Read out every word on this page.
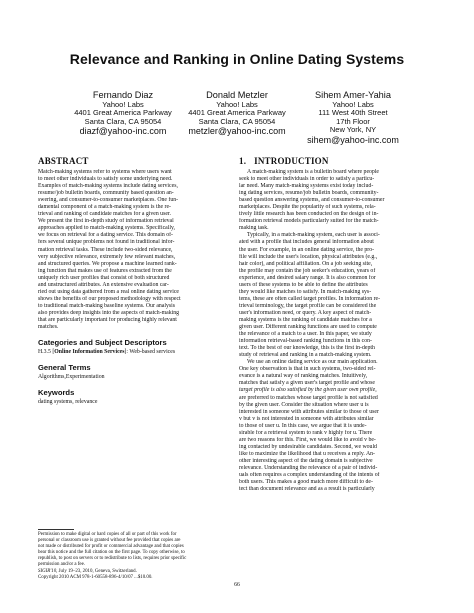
Relevance and Ranking in Online Dating Systems
Fernando Diaz
Yahoo! Labs
4401 Great America Parkway
Santa Clara, CA 95054
diazf@yahoo-inc.com
Donald Metzler
Yahoo! Labs
4401 Great America Parkway
Santa Clara, CA 95054
metzler@yahoo-inc.com
Sihem Amer-Yahia
Yahoo! Labs
111 West 40th Street
17th Floor
New York, NY
sihem@yahoo-inc.com
ABSTRACT
Match-making systems refer to systems where users want
to meet other individuals to satisfy some underlying need.
Examples of match-making systems include dating services,
resume/job bulletin boards, community based question an-
swering, and consumer-to-consumer marketplaces. One fun-
damental component of a match-making system is the re-
trieval and ranking of candidate matches for a given user.
We present the first in-depth study of information retrieval
approaches applied to match-making systems. Specifically,
we focus on retrieval for a dating service. This domain of-
fers several unique problems not found in traditional infor-
mation retrieval tasks. These include two-sided relevance,
very subjective relevance, extremely few relevant matches,
and structured queries. We propose a machine learned rank-
ing function that makes use of features extracted from the
uniquely rich user profiles that consist of both structured
and unstructured attributes. An extensive evaluation car-
ried out using data gathered from a real online dating service
shows the benefits of our proposed methodology with respect
to traditional match-making baseline systems. Our analysis
also provides deep insights into the aspects of match-making
that are particularly important for producing highly relevant
matches.
Categories and Subject Descriptors
H.3.5 [Online Information Services]: Web-based services
General Terms
Algorithms,Experimentation
Keywords
dating systems, relevance
Permission to make digital or hard copies of all or part of this work for
personal or classroom use is granted without fee provided that copies are
not made or distributed for profit or commercial advantage and that copies
bear this notice and the full citation on the first page. To copy otherwise, to
republish, to post on servers or to redistribute to lists, requires prior specific
permission and/or a fee.
SIGIR'10, July 19–23, 2010, Geneva, Switzerland.
Copyright 2010 ACM 978-1-60558-896-4/10/07 ...$10.00.
1. INTRODUCTION
A match-making system is a bulletin board where people
seek to meet other individuals in order to satisfy a particu-
lar need. Many match-making systems exist today includ-
ing dating services, resume/job bulletin boards, community-
based question answering systems, and consumer-to-consumer
marketplaces. Despite the popularity of such systems, rela-
tively little research has been conducted on the design of in-
formation retrieval models particularly suited for the match-
making task.
Typically, in a match-making system, each user is associ-
ated with a profile that includes general information about
the user. For example, in an online dating service, the pro-
file will include the user's location, physical attributes (e.g.,
hair color), and political affiliation. On a job seeking site,
the profile may contain the job seeker's education, years of
experience, and desired salary range. It is also common for
users of these systems to be able to define the attributes
they would like matches to satisfy. In match-making sys-
tems, these are often called target profiles. In information re-
trieval terminology, the target profile can be considered the
user's information need, or query. A key aspect of match-
making systems is the ranking of candidate matches for a
given user. Different ranking functions are used to compute
the relevance of a match to a user. In this paper, we study
information retrieval-based ranking functions in this con-
text. To the best of our knowledge, this is the first in-depth
study of retrieval and ranking in a match-making system.
We use an online dating service as our main application.
One key observation is that in such systems, two-sided rel-
evance is a natural way of ranking matches. Intuitively,
matches that satisfy a given user's target profile and whose
target profile is also satisfied by the given user own profile,
are preferred to matches whose target profile is not satisfied
by the given user. Consider the situation where user u is
interested in someone with attributes similar to those of user
v but v is not interested in someone with attributes similar
to those of user u. In this case, we argue that it is unde-
sirable for a retrieval system to rank v highly for u. There
are two reasons for this. First, we would like to avoid v be-
ing contacted by undesirable candidates. Second, we would
like to maximize the likelihood that u receives a reply. An-
other interesting aspect of the dating domain is subjective
relevance. Understanding the relevance of a pair of individ-
uals often requires a complex understanding of the intents of
both users. This makes a good match more difficult to de-
tect than document relevance and as a result is particularly
66
